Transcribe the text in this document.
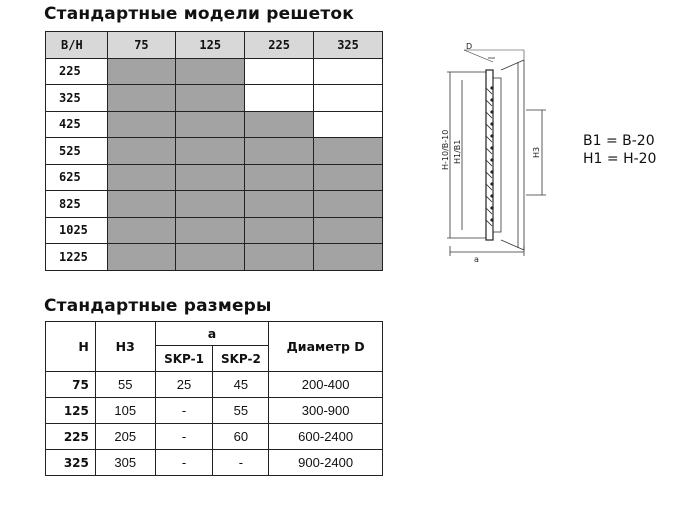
Стандартные модели решеток
B/H	75	125	225	325
225				
325				
425				
525				
625				
825				
1025				
1225				
Стандартные размеры
H	H3	a		Диаметр D
		SKP-1	SKP-2	
75	55	25	45	200-400
125	105	-	55	300-900
225	205	-	60	600-2400
325	305	-	-	900-2400
D
H-10/B-10 H1/B1	H3
a
B1 = B-20
H1 = H-20
